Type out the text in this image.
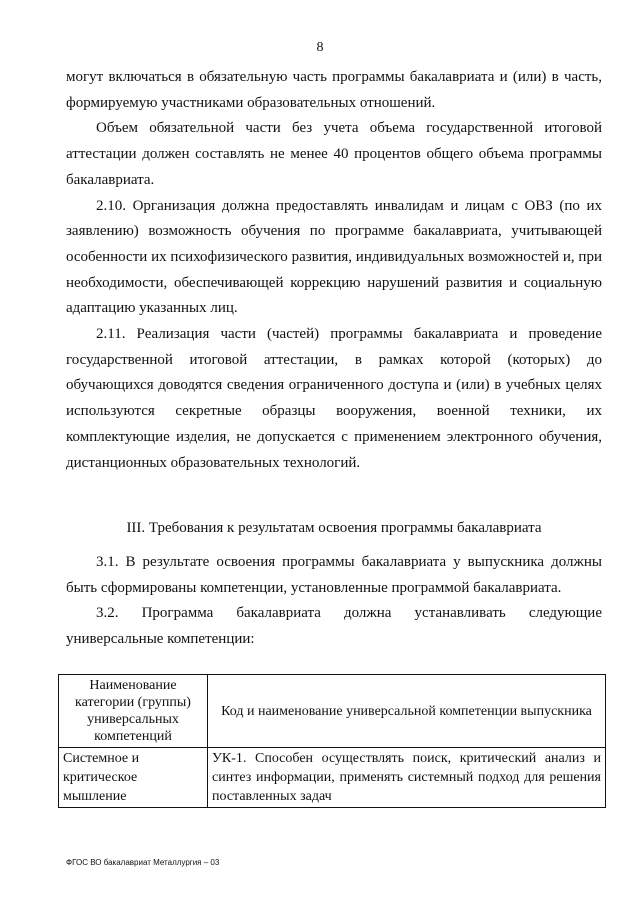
8

могут включаться в обязательную часть программы бакалавриата и (или) в часть, формируемую участниками образовательных отношений.

Объем обязательной части без учета объема государственной итоговой аттестации должен составлять не менее 40 процентов общего объема программы бакалавриата.

2.10. Организация должна предоставлять инвалидам и лицам с ОВЗ (по их заявлению) возможность обучения по программе бакалавриата, учитывающей особенности их психофизического развития, индивидуальных возможностей и, при необходимости, обеспечивающей коррекцию нарушений развития и социальную адаптацию указанных лиц.

2.11. Реализация части (частей) программы бакалавриата и проведение государственной итоговой аттестации, в рамках которой (которых) до обучающихся доводятся сведения ограниченного доступа и (или) в учебных целях используются секретные образцы вооружения, военной техники, их комплектующие изделия, не допускается с применением электронного обучения, дистанционных образовательных технологий.

III. Требования к результатам освоения программы бакалавриата

3.1. В результате освоения программы бакалавриата у выпускника должны быть сформированы компетенции, установленные программой бакалавриата.

3.2. Программа бакалавриата должна устанавливать следующие универсальные компетенции:

Наименование категории (группы) универсальных компетенций	Код и наименование универсальной компетенции выпускника
Системное и критическое мышление	УК-1. Способен осуществлять поиск, критический анализ и синтез информации, применять системный подход для решения поставленных задач
ФГОС ВО бакалавриат Металлургия – 03
